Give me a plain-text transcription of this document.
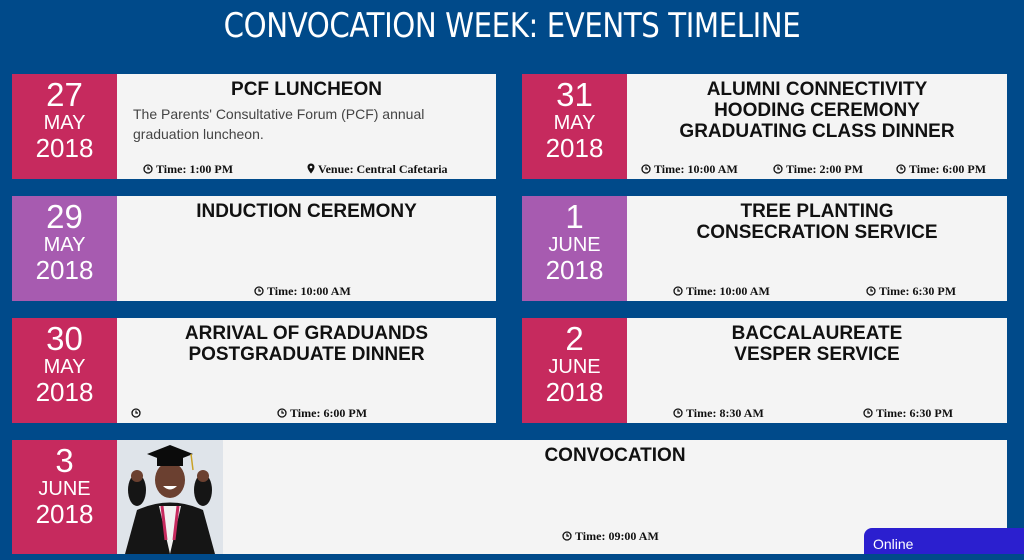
CONVOCATION WEEK: EVENTS TIMELINE
27
MAY
2018
PCF LUNCHEON
The Parents' Consultative Forum (PCF) annual graduation luncheon.
Time: 1:00 PM	Venue: Central Cafetaria
31
MAY
2018
ALUMNI CONNECTIVITY
HOODING CEREMONY
GRADUATING CLASS DINNER
Time: 10:00 AM	Time: 2:00 PM	Time: 6:00 PM
29
MAY
2018
INDUCTION CEREMONY
Time: 10:00 AM
1
JUNE
2018
TREE PLANTING
CONSECRATION SERVICE
Time: 10:00 AM	Time: 6:30 PM
30
MAY
2018
ARRIVAL OF GRADUANDS
POSTGRADUATE DINNER
Time: 6:00 PM
2
JUNE
2018
BACCALAUREATE
VESPER SERVICE
Time: 8:30 AM	Time: 6:30 PM
3
JUNE
2018
CONVOCATION
Time: 09:00 AM	Online
